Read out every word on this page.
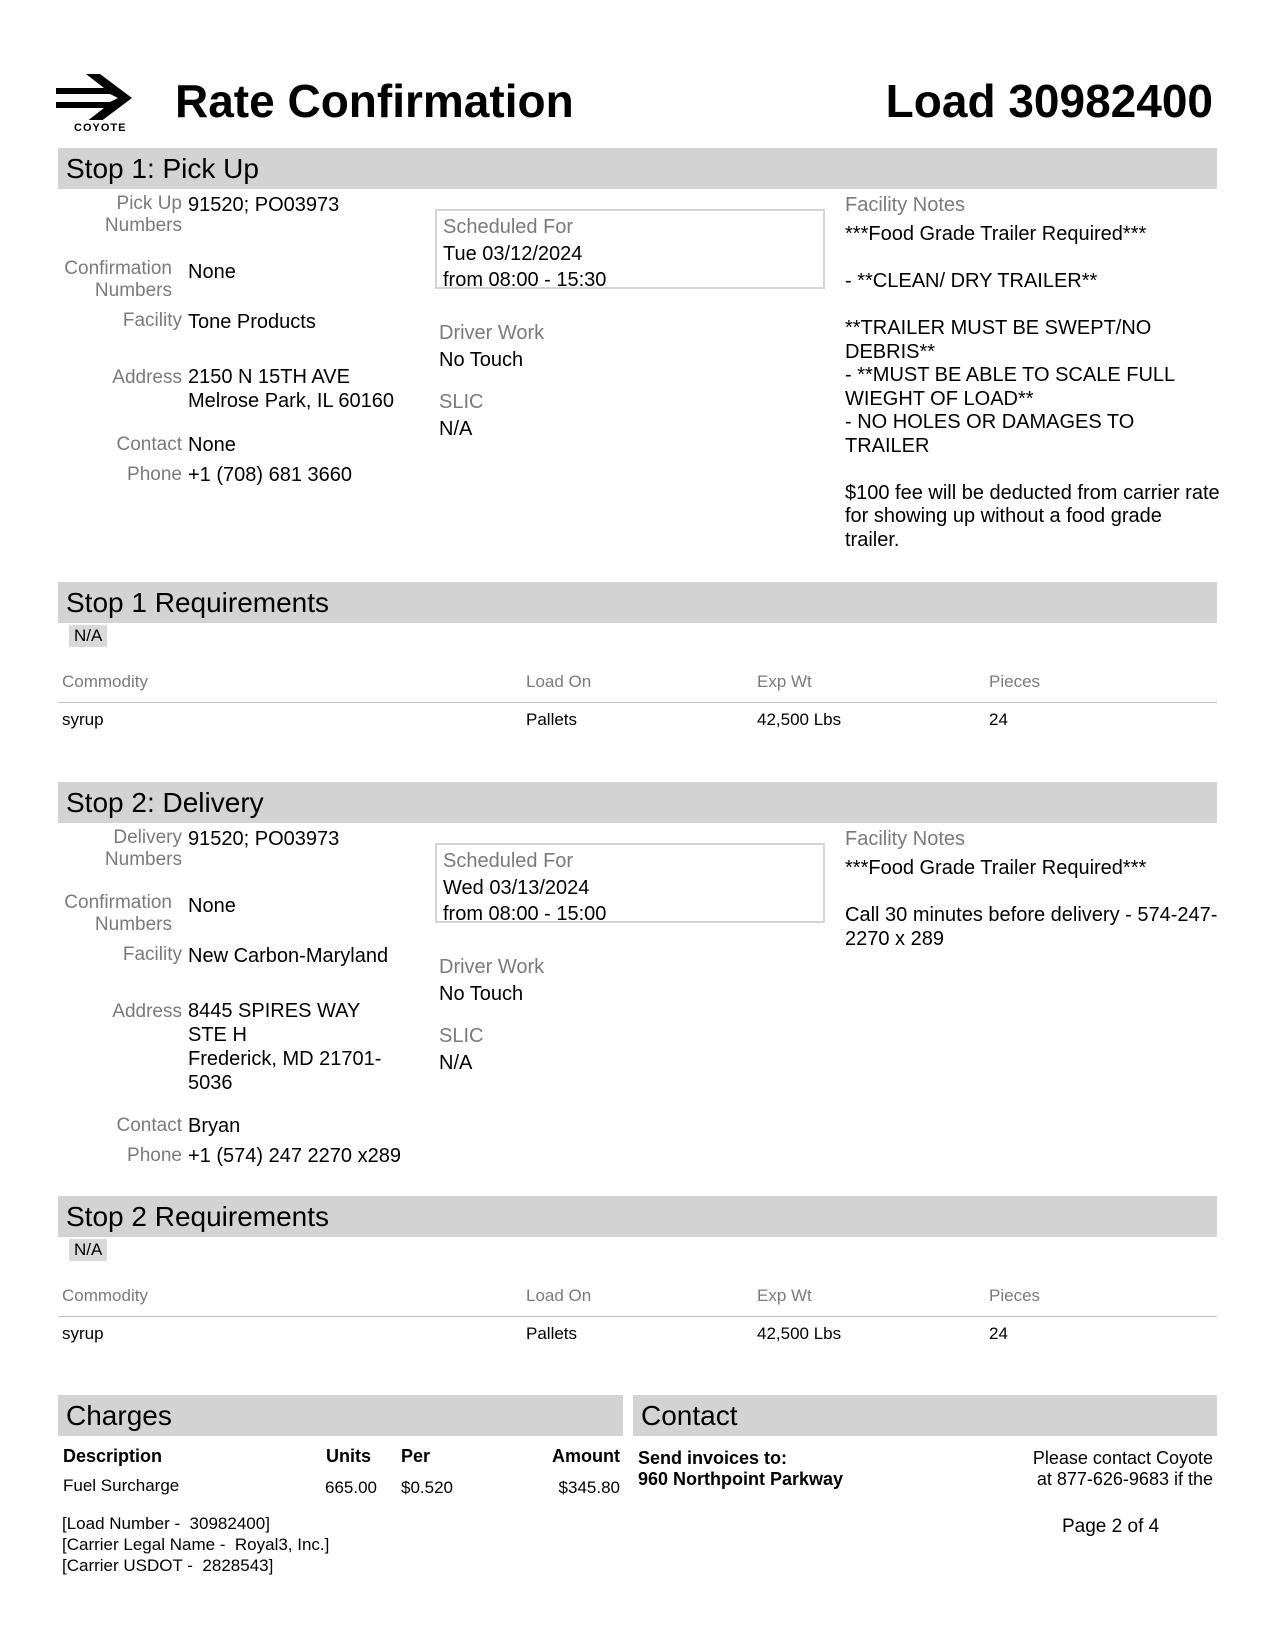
COYOTE
Rate Confirmation	Load 30982400
Stop 1: Pick Up
Pick Up Numbers
91520; PO03973
Confirmation Numbers
None
Facility Tone Products
Address 2150 N 15TH AVE
Melrose Park, IL 60160
Contact None
Phone +1 (708) 681 3660
Scheduled For
Tue 03/12/2024
from 08:00 - 15:30
Driver Work
No Touch
SLIC
N/A
Facility Notes

***Food Grade Trailer Required***

- **CLEAN/ DRY TRAILER**

**TRAILER MUST BE SWEPT/NO DEBRIS**

- **MUST BE ABLE TO SCALE FULL WIEGHT OF LOAD**

- NO HOLES OR DAMAGES TO TRAILER

$100 fee will be deducted from carrier rate for showing up without a food grade trailer.

Stop 1 Requirements
N/A
Commodity	Load On	Exp Wt	Pieces
syrup	Pallets	42,500 Lbs	24
Stop 2: Delivery
Delivery Numbers
91520; PO03973
Confirmation Numbers
None
Facility New Carbon-Maryland
Address 8445 SPIRES WAY
STE H
Frederick, MD 21701-
5036
Contact Bryan
Phone +1 (574) 247 2270 x289
Scheduled For
Wed 03/13/2024
from 08:00 - 15:00
Driver Work
No Touch
SLIC
N/A
Facility Notes

***Food Grade Trailer Required***

Call 30 minutes before delivery - 574-247-2270 x 289

Stop 2 Requirements
N/A
Commodity	Load On	Exp Wt	Pieces
syrup	Pallets	42,500 Lbs	24
Charges
Description	Units Per	Amount
Fuel Surcharge	665.00 $0.520	$345.80
Contact
Send invoices to:
960 Northpoint Parkway
Please contact Coyote
at 877-626-9683 if the
[Load Number -  30982400]
[Carrier Legal Name -  Royal3, Inc.]
[Carrier USDOT -  2828543]
Page 2 of 4
